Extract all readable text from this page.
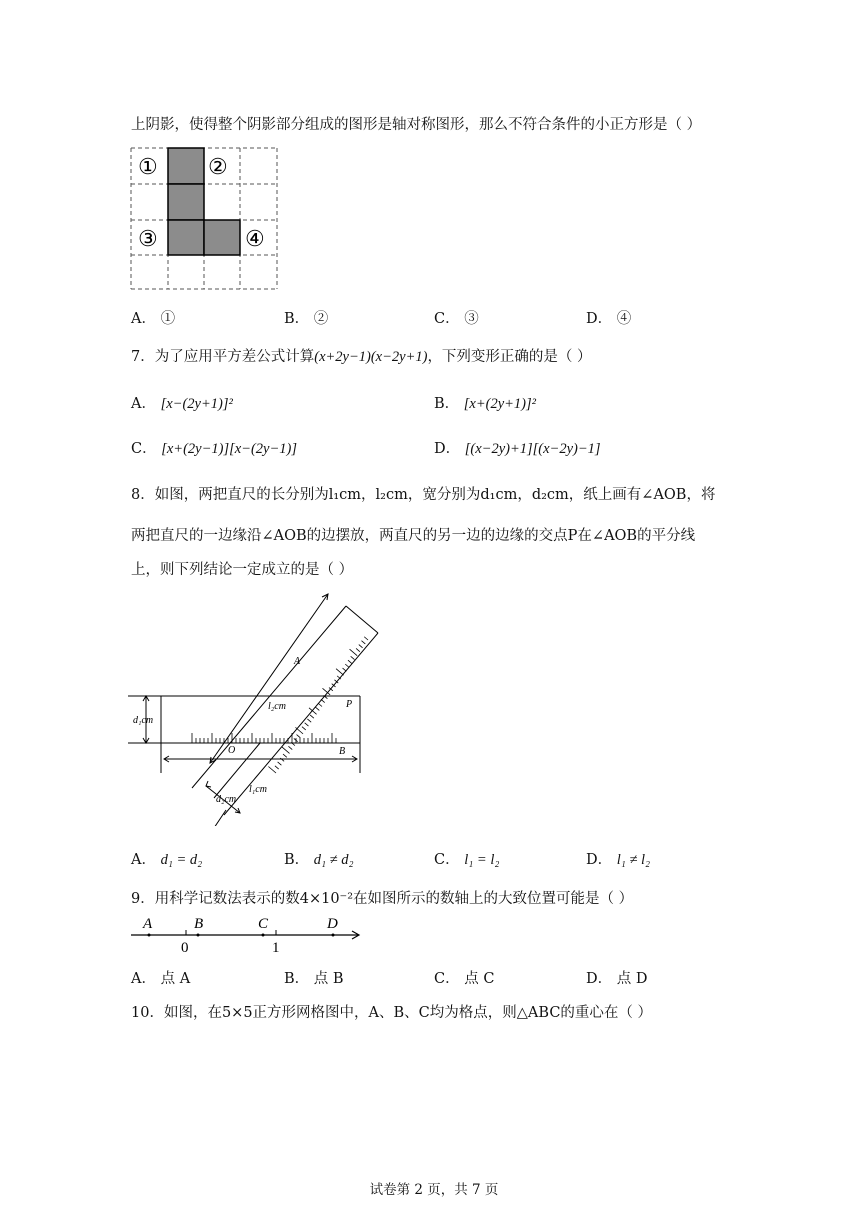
上阴影，使得整个阴影部分组成的图形是轴对称图形，那么不符合条件的小正方形是（ ）
① ②
③	④
A． ①	B． ②	C． ③	D． ④
7．为了应用平方差公式计算(x+2y−1)(x−2y+1)，下列变形正确的是（ ）
A． [x−(2y+1)]²	B． [x+(2y+1)]²
C． [x+(2y−1)][x−(2y−1)]	D． [(x−2y)+1][(x−2y)−1]
8．如图，两把直尺的长分别为l₁cm，l₂cm，宽分别为d₁cm，d₂cm，纸上画有∠AOB，将
两把直尺的一边缘沿∠AOB的边摆放，两直尺的另一边的边缘的交点P在∠AOB的平分线
上，则下列结论一定成立的是（ ）
l₂cm
l₁cm
d₁cm
d₂cm
A
B
O
P
A． d₁ = d₂	B． d₁ ≠ d₂	C． l₁ = l₂	D． l₁ ≠ l₂
9．用科学记数法表示的数4×10⁻²在如图所示的数轴上的大致位置可能是（ ）
A	B	C	D
0	1
A． 点 A	B． 点 B	C． 点 C	D． 点 D
10．如图，在5×5正方形网格图中，A、B、C均为格点，则△ABC的重心在（ ）
试卷第 2 页，共 7 页
